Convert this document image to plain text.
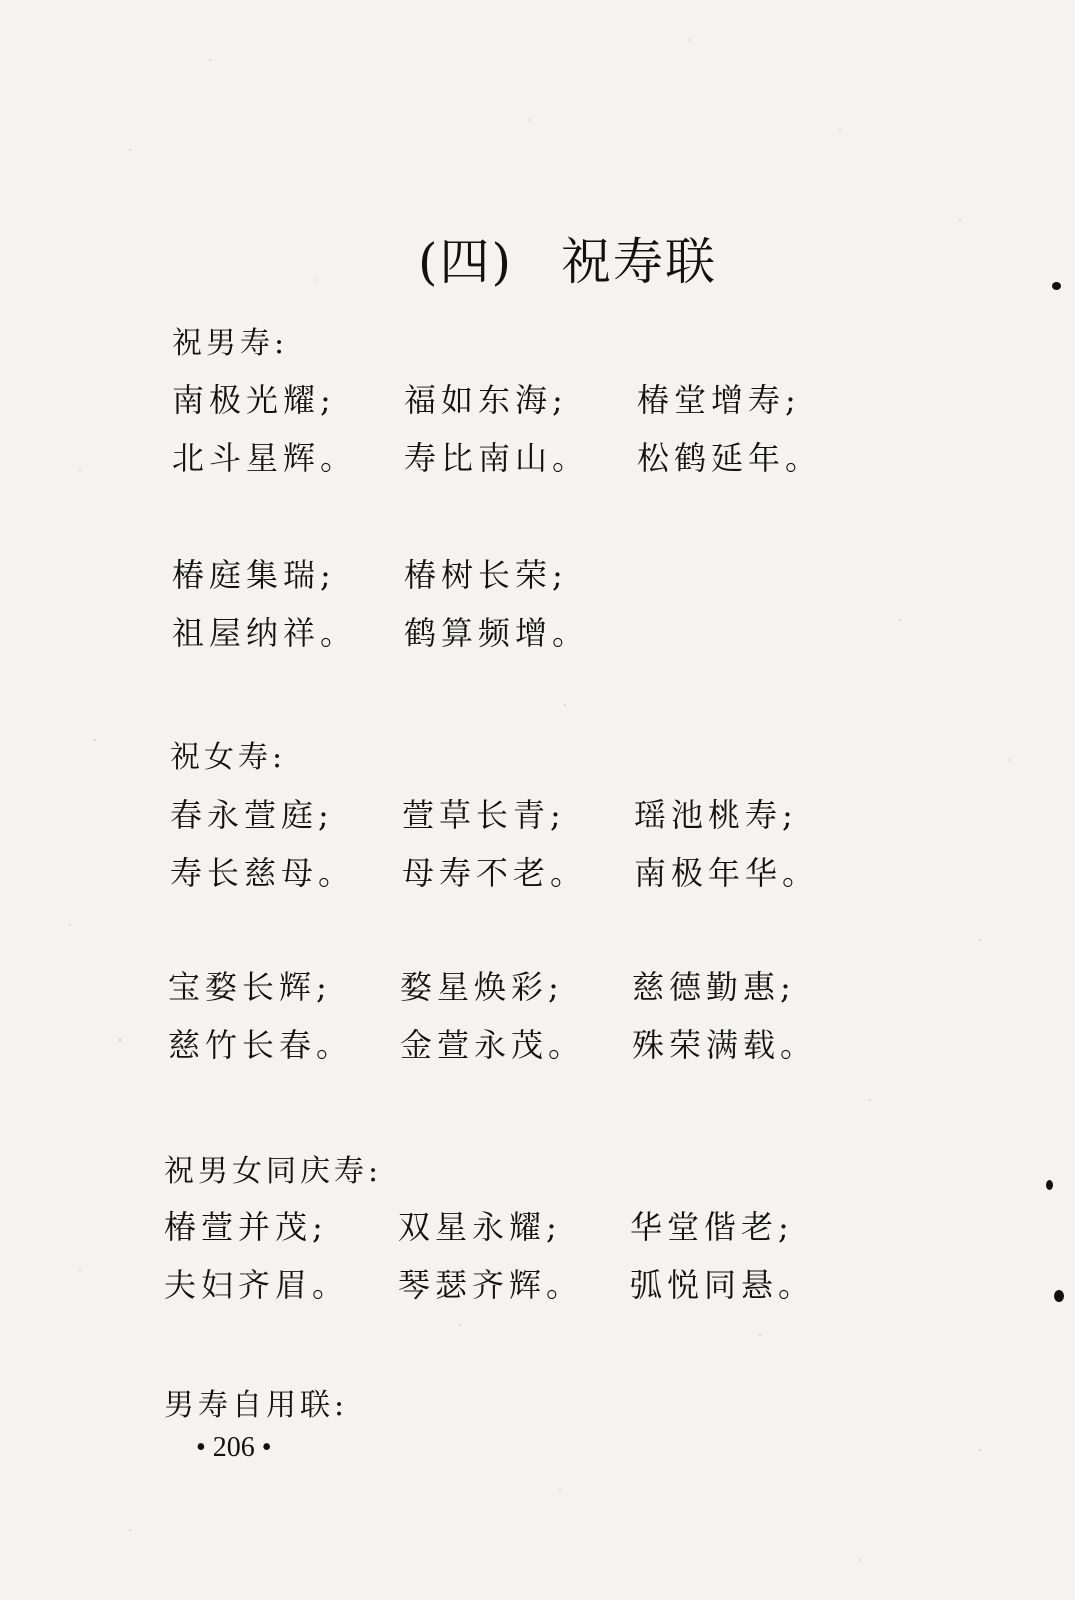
(四) 祝寿联
祝男寿:
南极光耀;
北斗星辉。
福如东海;
寿比南山。
椿堂增寿;
松鹤延年。
椿庭集瑞;
祖屋纳祥。
椿树长荣;
鹤算频增。
祝女寿:
春永萱庭;
寿长慈母。
萱草长青;
母寿不老。
瑶池桃寿;
南极年华。
宝婺长辉;
慈竹长春。
婺星焕彩;
金萱永茂。
慈德勤惠;
殊荣满载。
祝男女同庆寿:
椿萱并茂;
夫妇齐眉。
双星永耀;
琴瑟齐辉。
华堂偕老;
弧悦同悬。
男寿自用联:
• 206 •
